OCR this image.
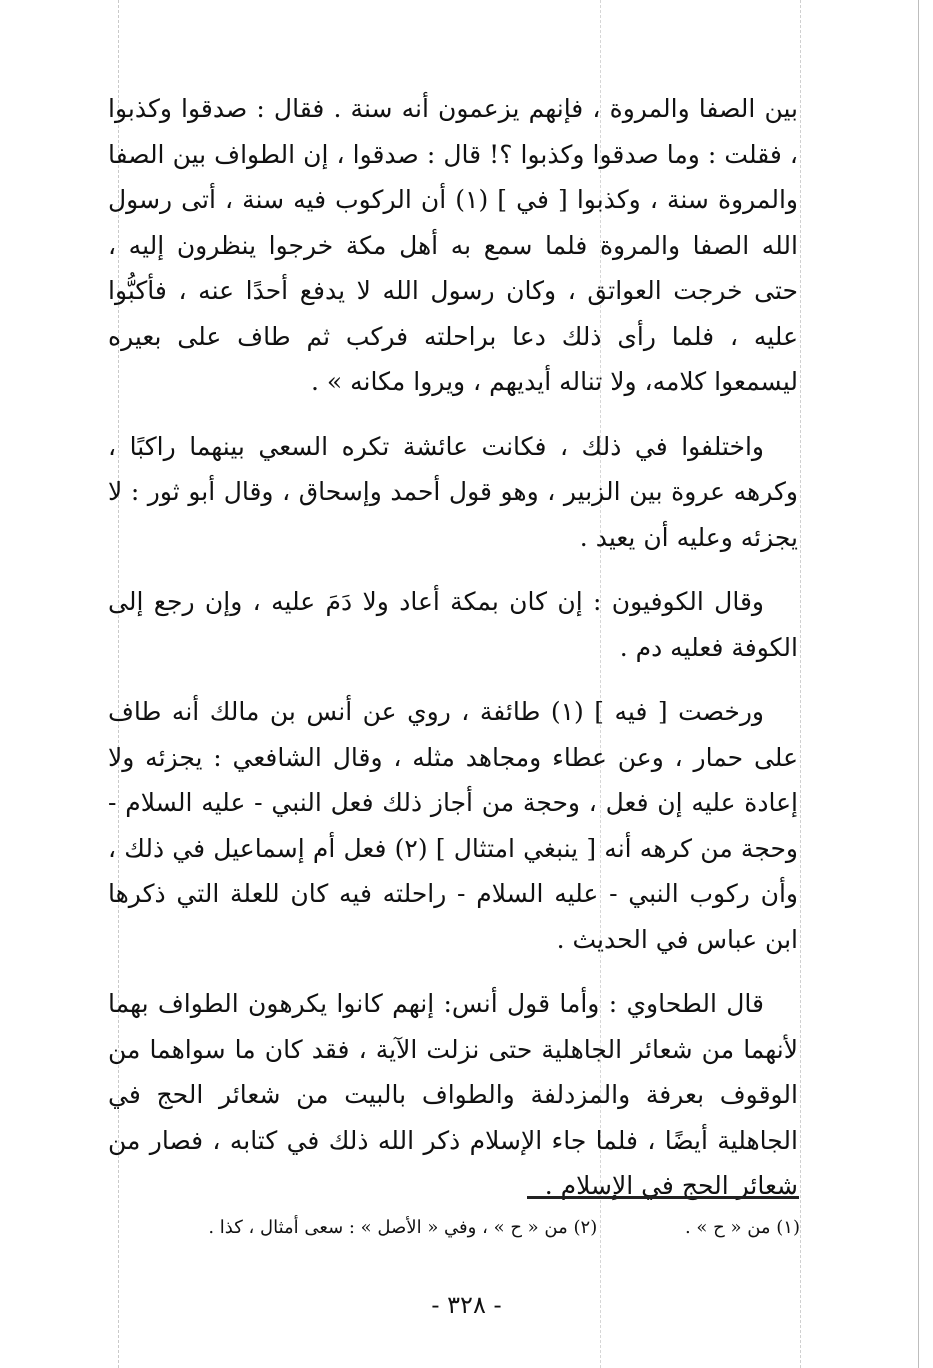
بين الصفا والمروة ، فإنهم يزعمون أنه سنة . فقال : صدقوا وكذبوا ، فقلت : وما صدقوا وكذبوا ؟! قال : صدقوا ، إن الطواف بين الصفا والمروة سنة ، وكذبوا [ في ] (١) أن الركوب فيه سنة ، أتى رسول الله الصفا والمروة فلما سمع به أهل مكة خرجوا ينظرون إليه ، حتى خرجت العواتق ، وكان رسول الله لا يدفع أحدًا عنه ، فأكبُّوا عليه ، فلما رأى ذلك دعا براحلته فركب ثم طاف على بعيره ليسمعوا كلامه، ولا تناله أيديهم ، ويروا مكانه » .

واختلفوا في ذلك ، فكانت عائشة تكره السعي بينهما راكبًا ، وكرهه عروة بين الزبير ، وهو قول أحمد وإسحاق ، وقال أبو ثور : لا يجزئه وعليه أن يعيد .

وقال الكوفيون : إن كان بمكة أعاد ولا دَمَ عليه ، وإن رجع إلى الكوفة فعليه دم .

ورخصت [ فيه ] (١) طائفة ، روي عن أنس بن مالك أنه طاف على حمار ، وعن عطاء ومجاهد مثله ، وقال الشافعي : يجزئه ولا إعادة عليه إن فعل ، وحجة من أجاز ذلك فعل النبي - عليه السلام - وحجة من كرهه أنه [ ينبغي امتثال ] (٢) فعل أم إسماعيل في ذلك ، وأن ركوب النبي - عليه السلام - راحلته فيه كان للعلة التي ذكرها ابن عباس في الحديث .

قال الطحاوي : وأما قول أنس: إنهم كانوا يكرهون الطواف بهما لأنهما من شعائر الجاهلية حتى نزلت الآية ، فقد كان ما سواهما من الوقوف بعرفة والمزدلفة والطواف بالبيت من شعائر الحج في الجاهلية أيضًا ، فلما جاء الإسلام ذكر الله ذلك في كتابه ، فصار من شعائر الحج في الإسلام .

(١) من « ح » . (٢) من « ح » ، وفي « الأصل » : سعى أمثال ، كذا .
- ٣٢٨ -
